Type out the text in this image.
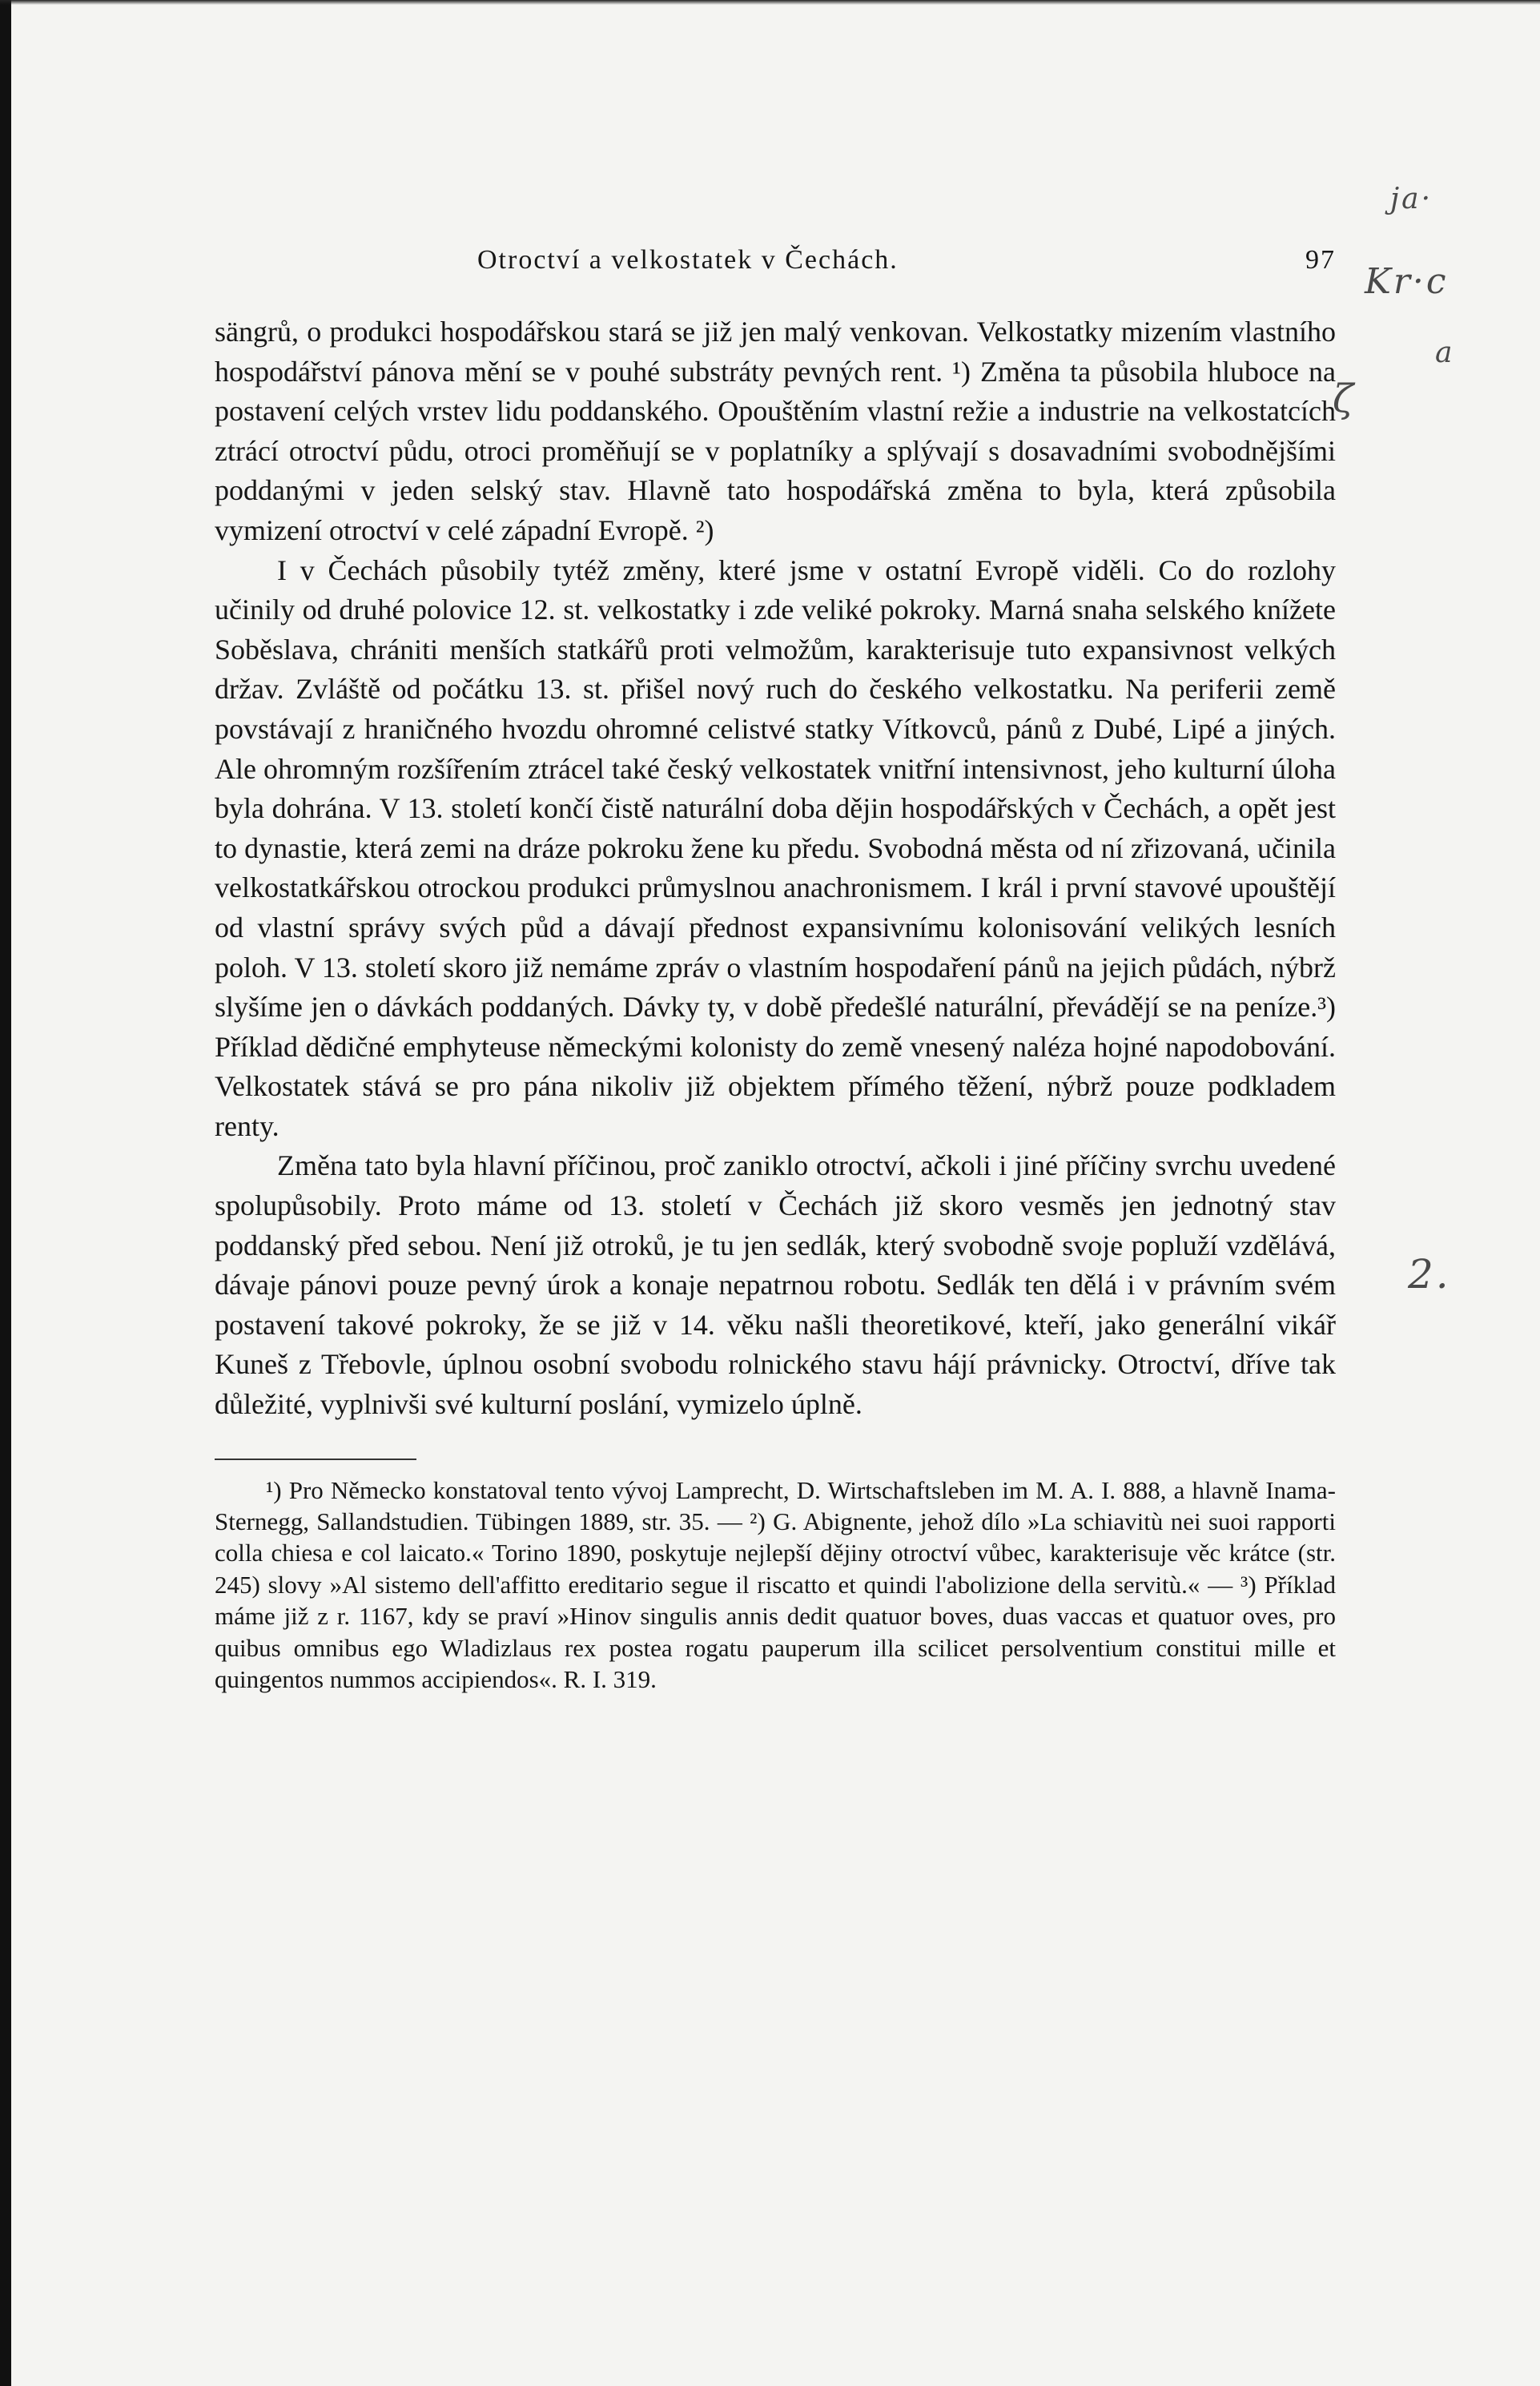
Otroctví a velkostatek v Čechách.	97

sängrů, o produkci hospodářskou stará se již jen malý venkovan. Velkostatky mizením vlastního hospodářství pánova mění se v pouhé substráty pevných rent. ¹) Změna ta působila hluboce na postavení celých vrstev lidu poddanského. Opouštěním vlastní režie a industrie na velkostatcích ztrácí otroctví půdu, otroci proměňují se v poplatníky a splývají s dosavadními svobodnějšími poddanými v jeden selský stav. Hlavně tato hospodářská změna to byla, která způsobila vymizení otroctví v celé západní Evropě. ²)

I v Čechách působily tytéž změny, které jsme v ostatní Evropě viděli. Co do rozlohy učinily od druhé polovice 12. st. velkostatky i zde veliké pokroky. Marná snaha selského knížete Soběslava, chrániti menších statkářů proti velmožům, karakterisuje tuto expansivnost velkých držav. Zvláště od počátku 13. st. přišel nový ruch do českého velkostatku. Na periferii země povstávají z hraničného hvozdu ohromné celistvé statky Vítkovců, pánů z Dubé, Lipé a jiných. Ale ohromným rozšířením ztrácel také český velkostatek vnitřní intensivnost, jeho kulturní úloha byla dohrána. V 13. století končí čistě naturální doba dějin hospodářských v Čechách, a opět jest to dynastie, která zemi na dráze pokroku žene ku předu. Svobodná města od ní zřizovaná, učinila velkostatkářskou otrockou produkci průmyslnou anachronismem. I král i první stavové upouštějí od vlastní správy svých půd a dávají přednost expansivnímu kolonisování velikých lesních poloh. V 13. století skoro již nemáme zpráv o vlastním hospodaření pánů na jejich půdách, nýbrž slyšíme jen o dávkách poddaných. Dávky ty, v době předešlé naturální, převádějí se na peníze.³) Příklad dědičné emphyteuse německými kolonisty do země vnesený naléza hojné napodobování. Velkostatek stává se pro pána nikoliv již objektem přímého těžení, nýbrž pouze podkladem renty.

Změna tato byla hlavní příčinou, proč zaniklo otroctví, ačkoli i jiné příčiny svrchu uvedené spolupůsobily. Proto máme od 13. století v Čechách již skoro vesměs jen jednotný stav poddanský před sebou. Není již otroků, je tu jen sedlák, který svobodně svoje popluží vzdělává, dávaje pánovi pouze pevný úrok a konaje nepatrnou robotu. Sedlák ten dělá i v právním svém postavení takové pokroky, že se již v 14. věku našli theoretikové, kteří, jako generální vikář Kuneš z Třebovle, úplnou osobní svobodu rolnického stavu hájí právnicky. Otroctví, dříve tak důležité, vyplnivši své kulturní poslání, vymizelo úplně.

¹) Pro Německo konstatoval tento vývoj Lamprecht, D. Wirtschaftsleben im M. A. I. 888, a hlavně Inama-Sternegg, Sallandstudien. Tübingen 1889, str. 35. — ²) G. Abignente, jehož dílo »La schiavitù nei suoi rapporti colla chiesa e col laicato.« Torino 1890, poskytuje nejlepší dějiny otroctví vůbec, karakterisuje věc krátce (str. 245) slovy »Al sistemo dell'affitto ereditario segue il riscatto et quindi l'abolizione della servitù.« — ³) Příklad máme již z r. 1167, kdy se praví »Hinov singulis annis dedit quatuor boves, duas vaccas et quatuor oves, pro quibus omnibus ego Wladizlaus rex postea rogatu pauperum illa scilicet persolventium constitui mille et quingentos nummos accipiendos«. R. I. 319.

ja·
Kr·c
a
ζ
2.
